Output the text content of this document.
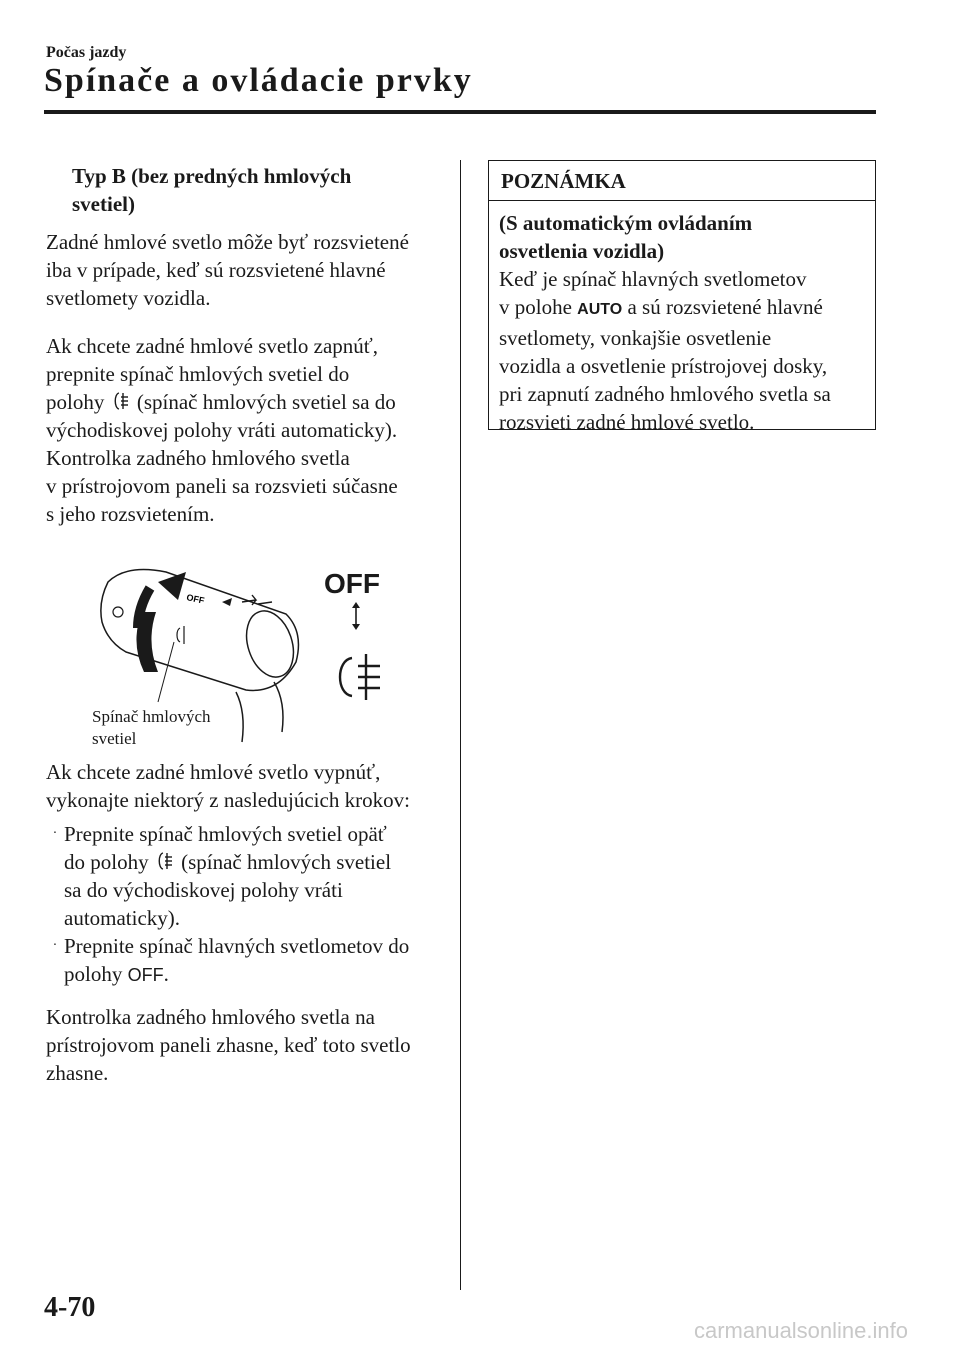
Počas jazdy
Spínače a ovládacie prvky
Typ B (bez predných hmlových
svetiel)
Zadné hmlové svetlo môže byť rozsvietené
iba v prípade, keď sú rozsvietené hlavné
svetlomety vozidla.
Ak chcete zadné hmlové svetlo zapnúť,
prepnite spínač hmlových svetiel do
polohy (spínač hmlových svetiel sa do
východiskovej polohy vráti automaticky).
Kontrolka zadného hmlového svetla
v prístrojovom paneli sa rozsvieti súčasne
s jeho rozsvietením.
OFF	OFF
Spínač hmlových
svetiel
Ak chcete zadné hmlové svetlo vypnúť,
vykonajte niektorý z nasledujúcich krokov:
· Prepnite spínač hmlových svetiel opäť
do polohy (spínač hmlových svetiel
sa do východiskovej polohy vráti
automaticky).
· Prepnite spínač hlavných svetlometov do
polohy OFF.
Kontrolka zadného hmlového svetla na
prístrojovom paneli zhasne, keď toto svetlo
zhasne.
POZNÁMKA
(S automatickým ovládaním
osvetlenia vozidla)
Keď je spínač hlavných svetlometov
v polohe AUTO a sú rozsvietené hlavné
svetlomety, vonkajšie osvetlenie
vozidla a osvetlenie prístrojovej dosky,
pri zapnutí zadného hmlového svetla sa
rozsvieti zadné hmlové svetlo.
4-70
carmanualsonline.info
